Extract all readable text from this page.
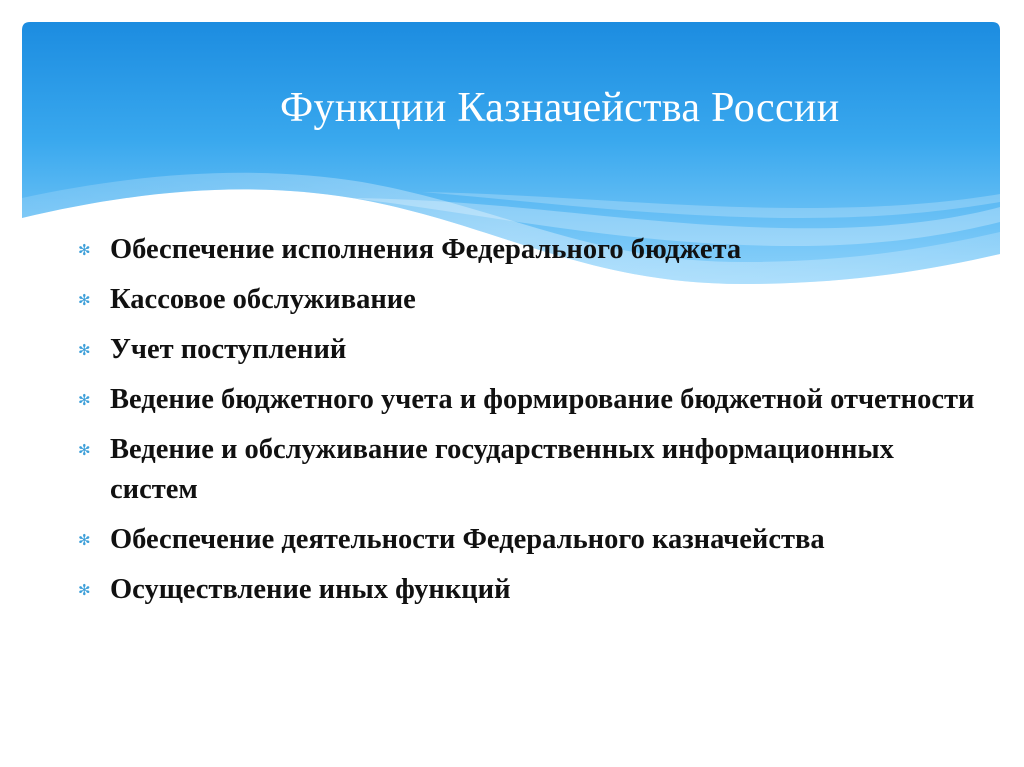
Функции Казначейства России
✻ Обеспечение исполнения Федерального бюджета
✻ Кассовое обслуживание
✻ Учет поступлений
✻ Ведение бюджетного учета и формирование бюджетной отчетности
✻ Ведение и обслуживание государственных информационных систем
✻ Обеспечение деятельности Федерального казначейства
✻ Осуществление иных функций
